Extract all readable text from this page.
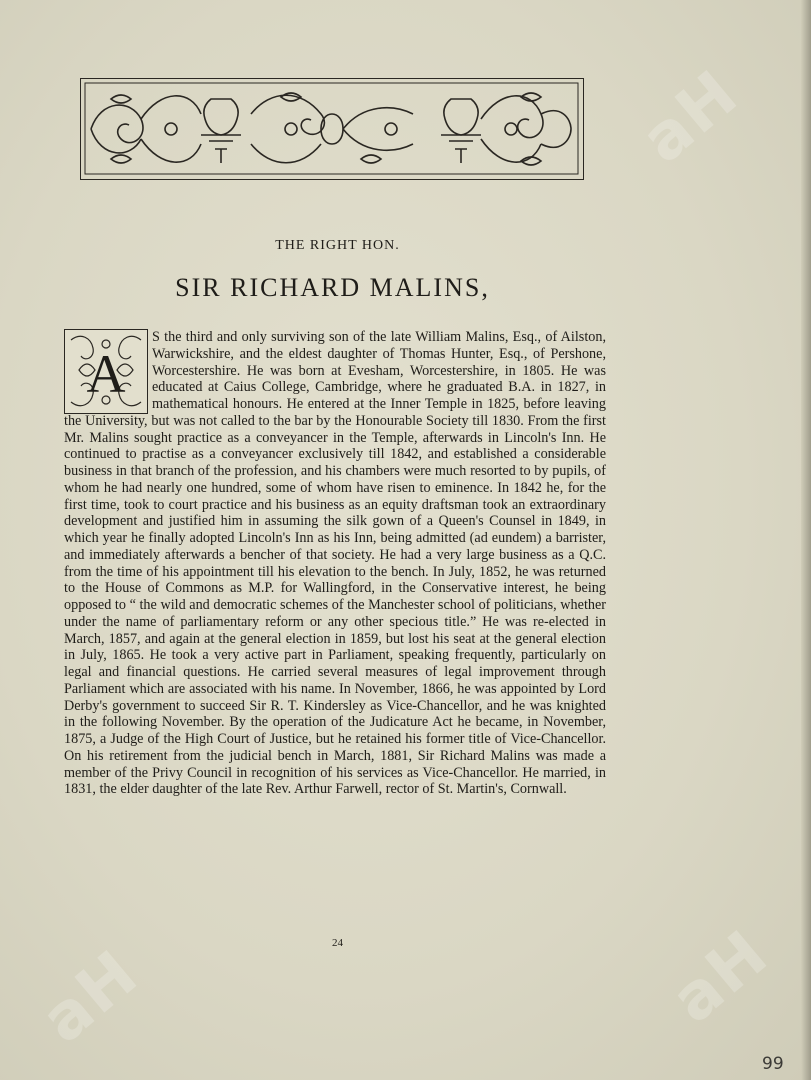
aH
aH	aH
THE RIGHT HON.
SIR RICHARD MALINS,
A

S the third and only surviving son of the late William Malins, Esq., of Ailston, Warwickshire, and the eldest daughter of Thomas Hunter, Esq., of Pershone, Worcestershire. He was born at Evesham, Worcestershire, in 1805. He was educated at Caius College, Cambridge, where he graduated B.A. in 1827, in mathematical honours. He entered at the Inner Temple in 1825, before leaving the University, but was not called to the bar by the Honourable Society till 1830. From the first Mr. Malins sought practice as a conveyancer in the Temple, afterwards in Lincoln's Inn. He continued to practise as a conveyancer exclusively till 1842, and established a considerable business in that branch of the profession, and his chambers were much resorted to by pupils, of whom he had nearly one hundred, some of whom have risen to eminence. In 1842 he, for the first time, took to court practice and his business as an equity draftsman took an extraordinary development and justified him in assuming the silk gown of a Queen's Counsel in 1849, in which year he finally adopted Lincoln's Inn as his Inn, being admitted (ad eundem) a barrister, and immediately afterwards a bencher of that society. He had a very large business as a Q.C. from the time of his appointment till his elevation to the bench. In July, 1852, he was returned to the House of Commons as M.P. for Wallingford, in the Conservative interest, he being opposed to “ the wild and democratic schemes of the Manchester school of politicians, whether under the name of parliamentary reform or any other specious title.” He was re-elected in March, 1857, and again at the general election in 1859, but lost his seat at the general election in July, 1865. He took a very active part in Parliament, speaking frequently, particularly on legal and financial questions. He carried several measures of legal improvement through Parliament which are associated with his name. In November, 1866, he was appointed by Lord Derby's government to succeed Sir R. T. Kindersley as Vice-Chancellor, and he was knighted in the following November. By the operation of the Judicature Act he became, in November, 1875, a Judge of the High Court of Justice, but he retained his former title of Vice-Chancellor. On his retirement from the judicial bench in March, 1881, Sir Richard Malins was made a member of the Privy Council in recognition of his services as Vice-Chancellor. He married, in 1831, the elder daughter of the late Rev. Arthur Farwell, rector of St. Martin's, Cornwall.

24
99
